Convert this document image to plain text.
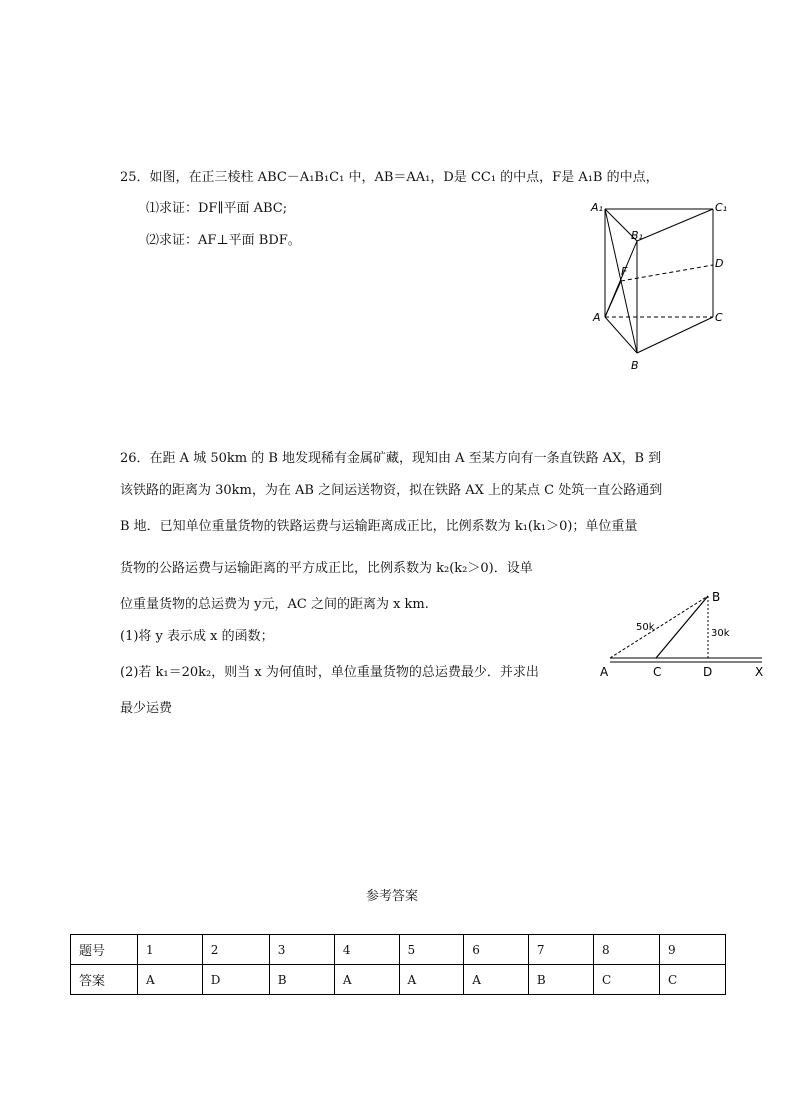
25．如图，在正三棱柱 ABC－A₁B₁C₁ 中，AB＝AA₁，D是 CC₁ 的中点，F是 A₁B 的中点，
⑴求证：DF∥平面 ABC;
⑵求证：AF⊥平面 BDF。
A₁	C₁
B₁
F
D
A	C
B
26．在距 A 城 50km 的 B 地发现稀有金属矿藏，现知由 A 至某方向有一条直铁路 AX，B 到
该铁路的距离为 30km，为在 AB 之间运送物资，拟在铁路 AX 上的某点 C 处筑一直公路通到
B 地．已知单位重量货物的铁路运费与运输距离成正比，比例系数为 k₁(k₁＞0)；单位重量
货物的公路运费与运输距离的平方成正比，比例系数为 k₂(k₂＞0)．设单
位重量货物的总运费为 y元，AC 之间的距离为 x km.
(1)将 y 表示成 x 的函数；
(2)若 k₁＝20k₂，则当 x 为何值时，单位重量货物的总运费最少．并求出
最少运费
B
50k
30k
A	C	D	X
参考答案
题号	1	2	3	4	5	6	7	8	9
答案	A	D	B	A	A	A	B	C	C
